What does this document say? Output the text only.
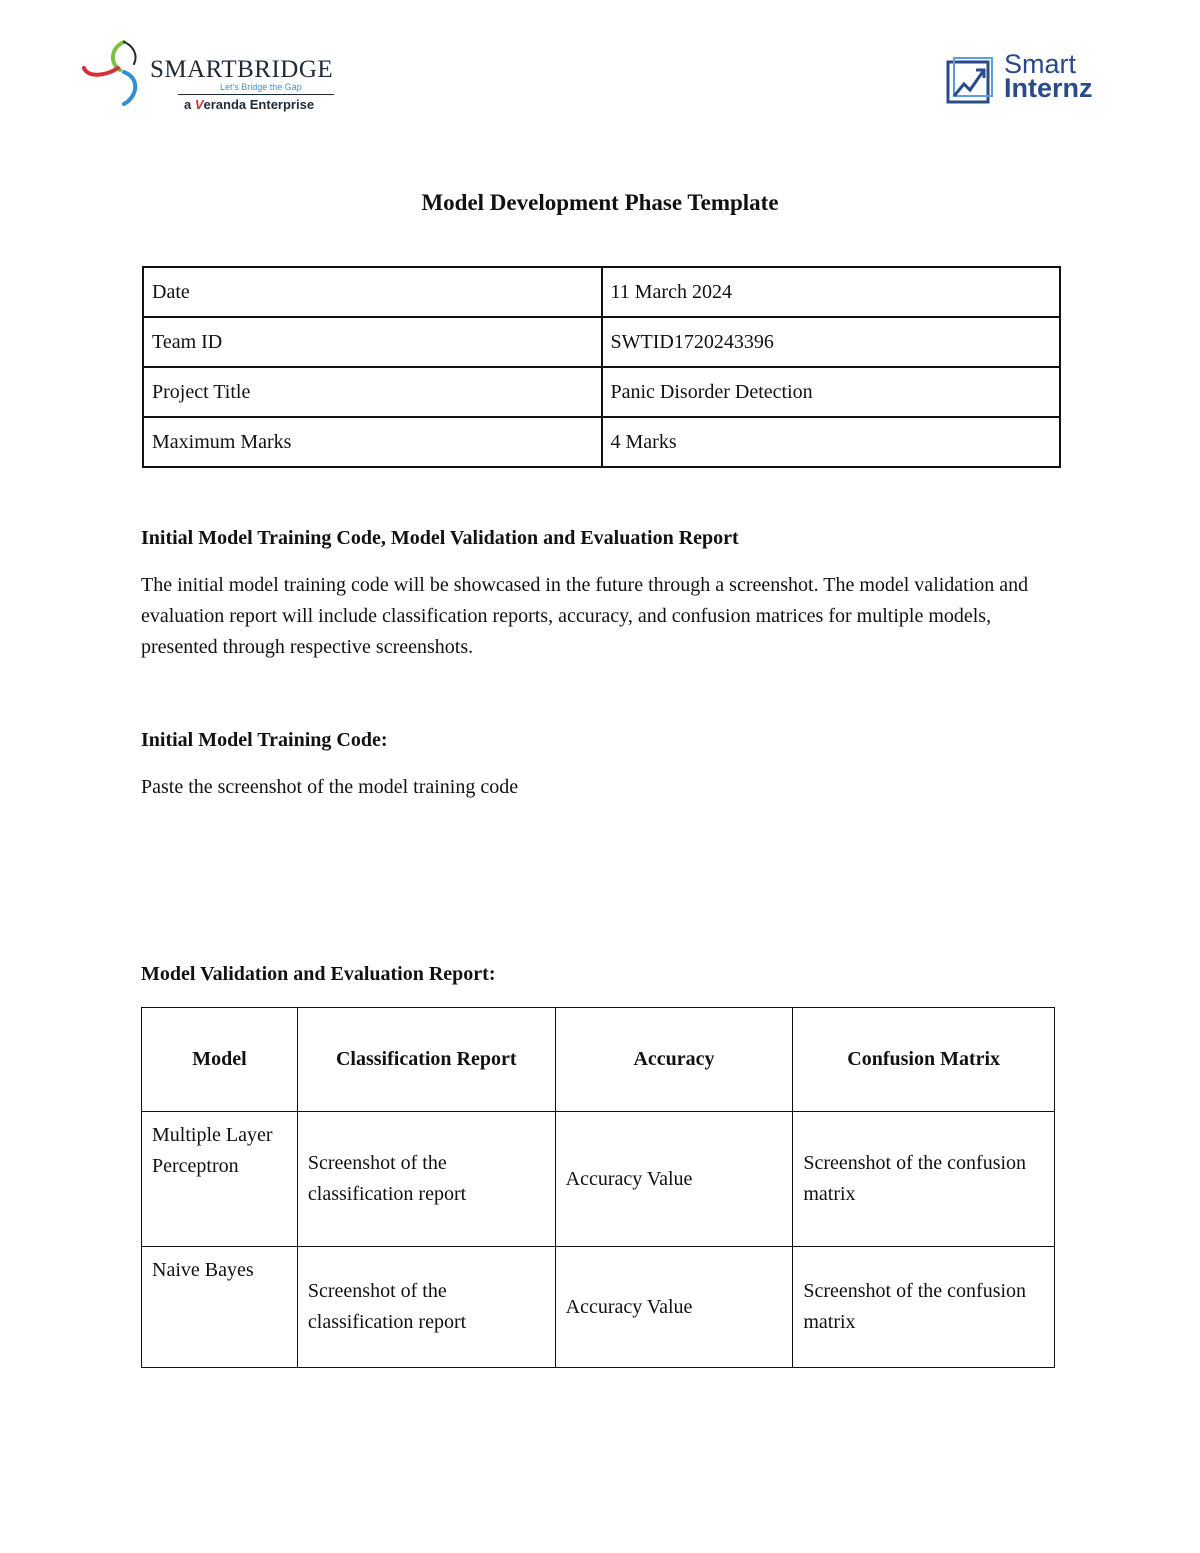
SMARTBRIDGE
Let's Bridge the Gap
a Veranda Enterprise
Smart
Internz
Model Development Phase Template
Date	11 March 2024
Team ID	SWTID1720243396
Project Title	Panic Disorder Detection
Maximum Marks	4 Marks
Initial Model Training Code, Model Validation and Evaluation Report
The initial model training code will be showcased in the future through a screenshot. The model validation and evaluation report will include classification reports, accuracy, and confusion matrices for multiple models, presented through respective screenshots.
Initial Model Training Code:
Paste the screenshot of the model training code
Model Validation and Evaluation Report:
Model	Classification Report	Accuracy	Confusion Matrix
Multiple Layer Perceptron	Screenshot of the classification report	Accuracy Value	Screenshot of the confusion matrix
Naive Bayes	Screenshot of the classification report	Accuracy Value	Screenshot of the confusion matrix
